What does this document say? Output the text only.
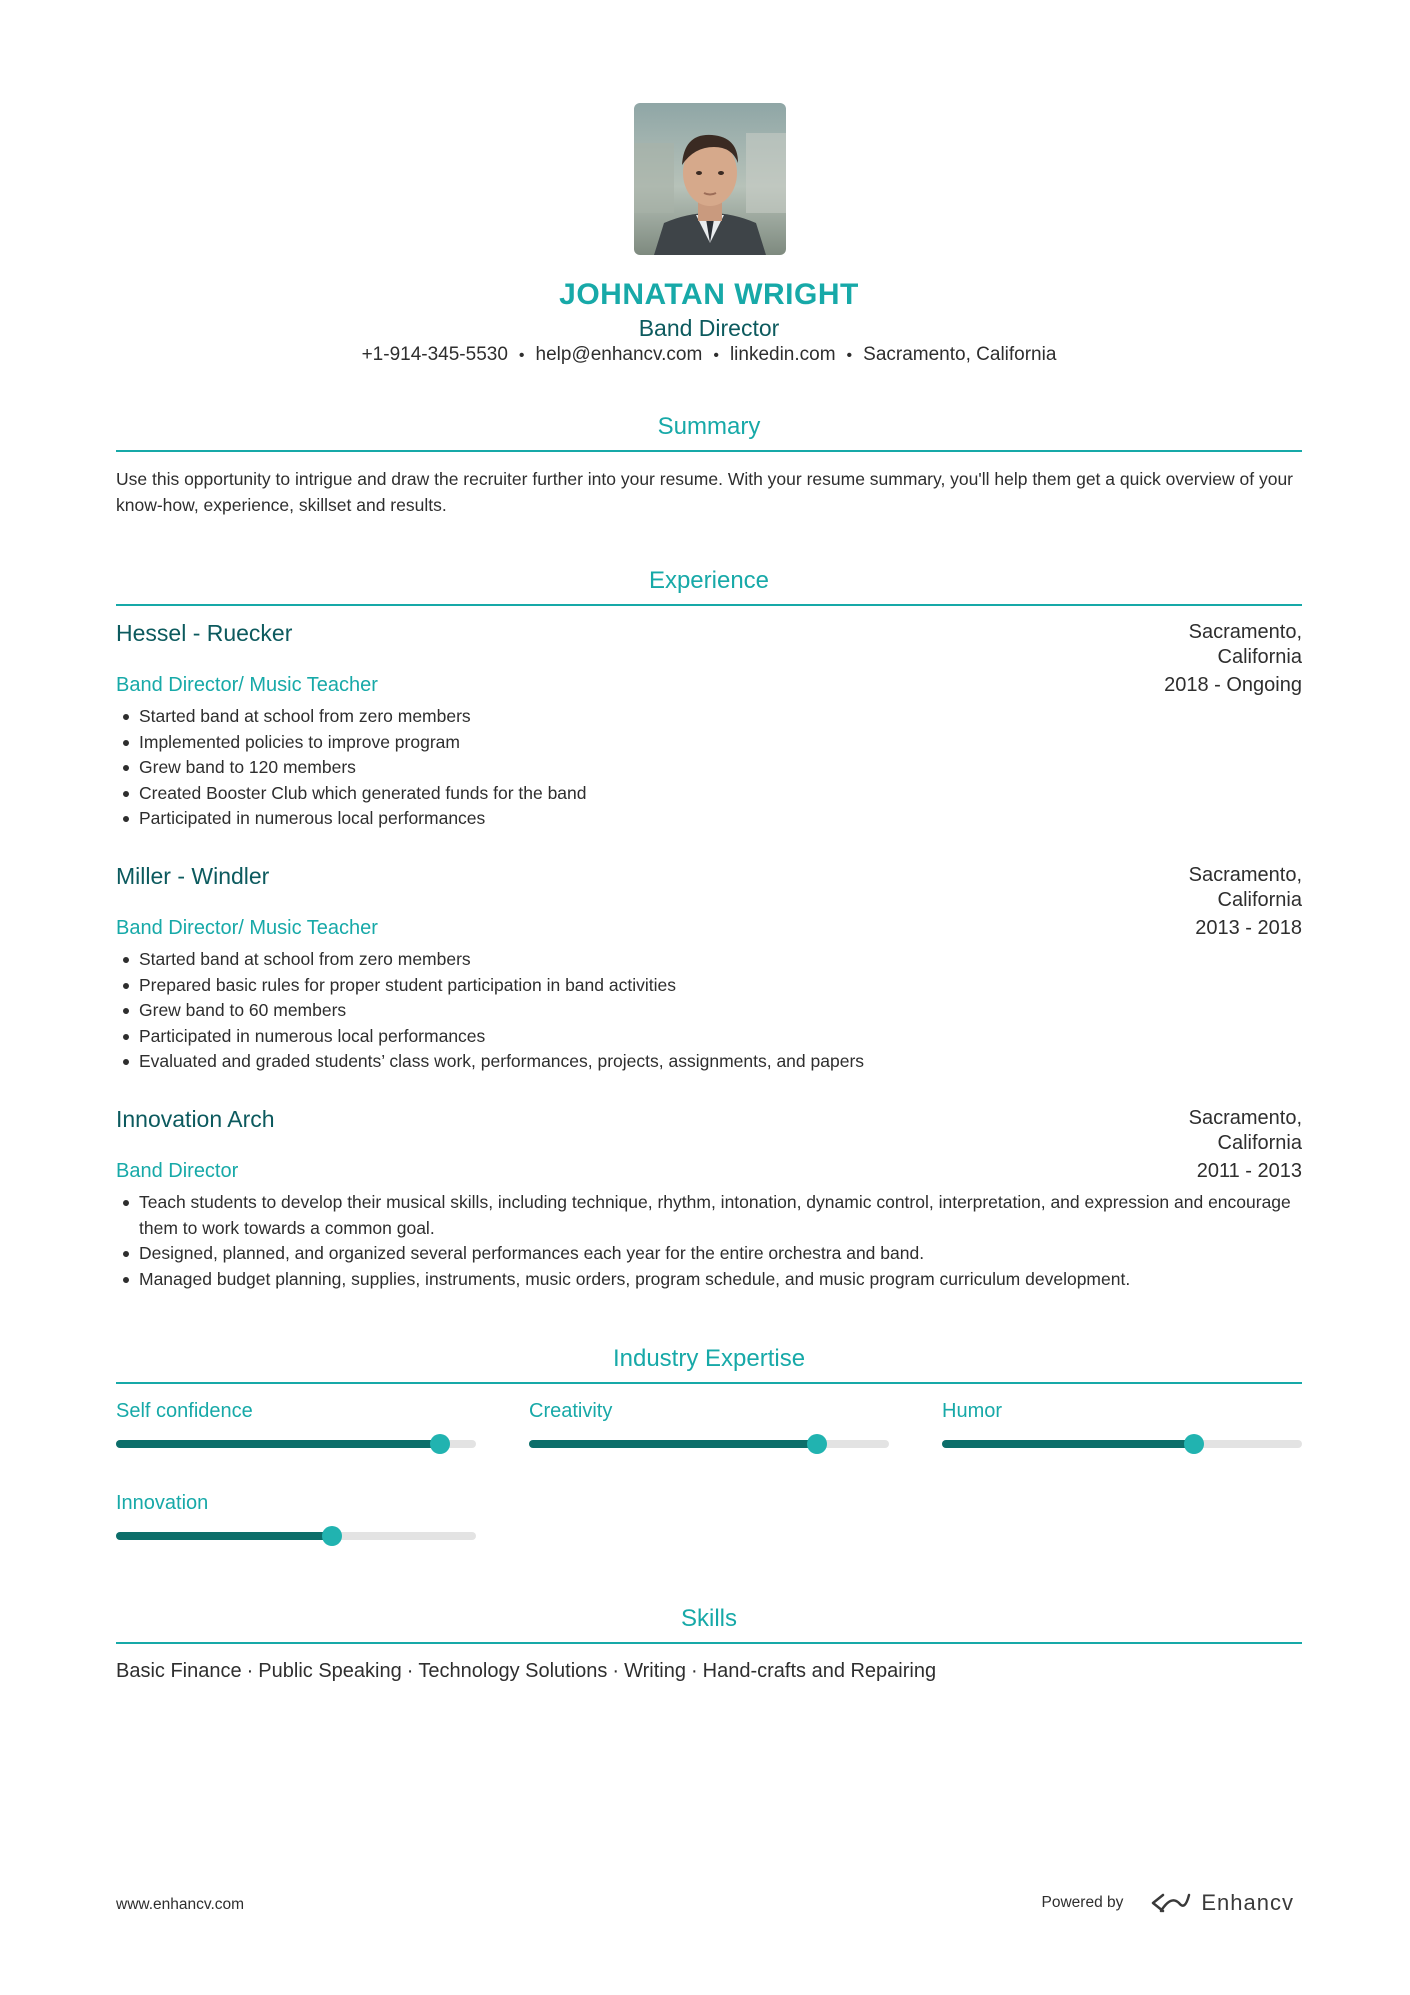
JOHNATAN WRIGHT
Band Director
+1-914-345-5530 • help@enhancv.com • linkedin.com • Sacramento, California
Summary
Use this opportunity to intrigue and draw the recruiter further into your resume. With your resume summary, you'll help them get a quick overview of your know-how, experience, skillset and results.
Experience
Hessel - Ruecker	Sacramento, California
Band Director/ Music Teacher	2018 - Ongoing
Started band at school from zero members
Implemented policies to improve program
Grew band to 120 members
Created Booster Club which generated funds for the band
Participated in numerous local performances
Miller - Windler	Sacramento, California
Band Director/ Music Teacher	2013 - 2018
Started band at school from zero members
Prepared basic rules for proper student participation in band activities
Grew band to 60 members
Participated in numerous local performances
Evaluated and graded students’ class work, performances, projects, assignments, and papers
Innovation Arch	Sacramento, California
Band Director	2011 - 2013
Teach students to develop their musical skills, including technique, rhythm, intonation, dynamic control, interpretation, and expression and encourage them to work towards a common goal.
Designed, planned, and organized several performances each year for the entire orchestra and band.
Managed budget planning, supplies, instruments, music orders, program schedule, and music program curriculum development.
Industry Expertise
Self confidence	Creativity	Humor
Innovation
Skills
Basic Finance · Public Speaking · Technology Solutions · Writing · Hand-crafts and Repairing
www.enhancv.com	Powered by	Enhancv
